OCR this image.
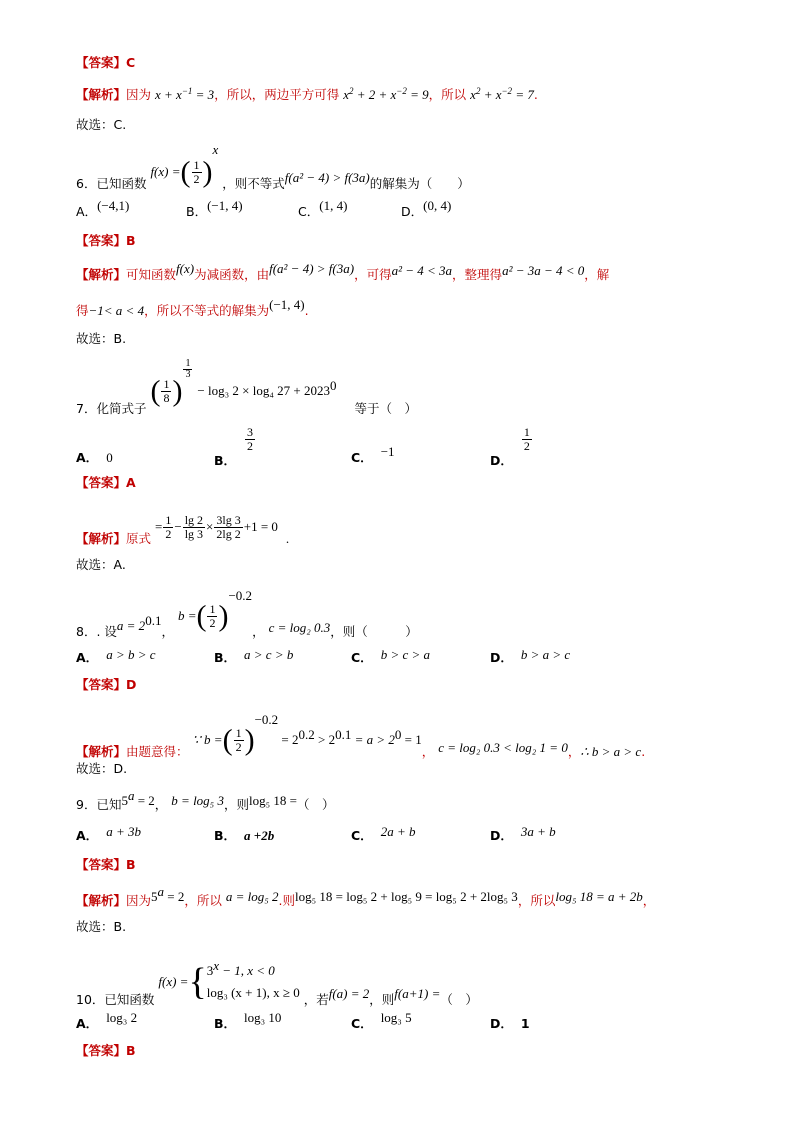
【答案】C
【解析】因为 $x + x^{-1} = 3$，所以，两边平方可得 $x^2 + 2 + x^{-2} = 9$，所以 $x^2 + x^{-2} = 7$.
故选：C.
6．已知函数 f(x) =( $\frac{1}{2} )^x$ ，则不等式f(a² − 4) > f(3a)的解集为（　　）
A．(−4,1)	B．(−1, 4)	C．(1, 4)	D．(0, 4)
【答案】B
【解析】可知函数f(x)为减函数，由f(a² − 4) > f(3a)，可得a² − 4 < 3a，整理得a² − 3a − 4 < 0，解
得−1< a < 4，所以不等式的解集为(−1, 4).
故选：B.
7．化简式子 ( $\frac{1}{8}$ )
$\frac{1}{3}$
− log₃ 2 × log₄ $27 + 2023^0$ 等于（　）
A． 0	B．
$\frac{3}{2}$
C． −1
D．
$\frac{1}{2}$
【答案】A
【解析】原式 = $\frac{1}{2} - \frac{\lg 2}{\lg 3} \times \frac{3\lg 3}{2\lg 2} +1 = 0$.
故选：A.
8．. 设$a = 2^{0.1}$， b =( $\frac{1}{2} )^{-0.2}$， c = log₂ 0.3，则（　　　）
A． a > b > c	B． a > c > b	C． b > c > a	D． b > a > c
【答案】D
【解析】由题意得： ∵ b =( $\frac{1}{2} )^{-0.2} = 2^{0.2} > 2^{0.1} = a > 2^0 = 1$， c = log₂ 0.3 < log₂ 1 = 0，∴ b > a > c.
故选：D.
9．已知$5^a = 2$， b = log₅ 3，则log₅ 18 =（　）
A． a + 3b	B． a +2b	C． 2a + b	D． 3a + b
【答案】B
【解析】因为$5^a = 2$，所以 a = log₅ 2.则log₅ 18 = log₅ 2 + log₅ 9 = log₅ 2 + 2log₅ 3，所以log₅ 18 = a + 2b，
故选：B.
10．已知函数
f(x) = { $3^x - 1$, x < 0
log₃ (x + 1), x ≥ 0 ，若f(a) = 2，则f(a+1) =（　）
A． log₃ 2	B． log₃ 10	C． log₃ 5	D． 1
【答案】B
